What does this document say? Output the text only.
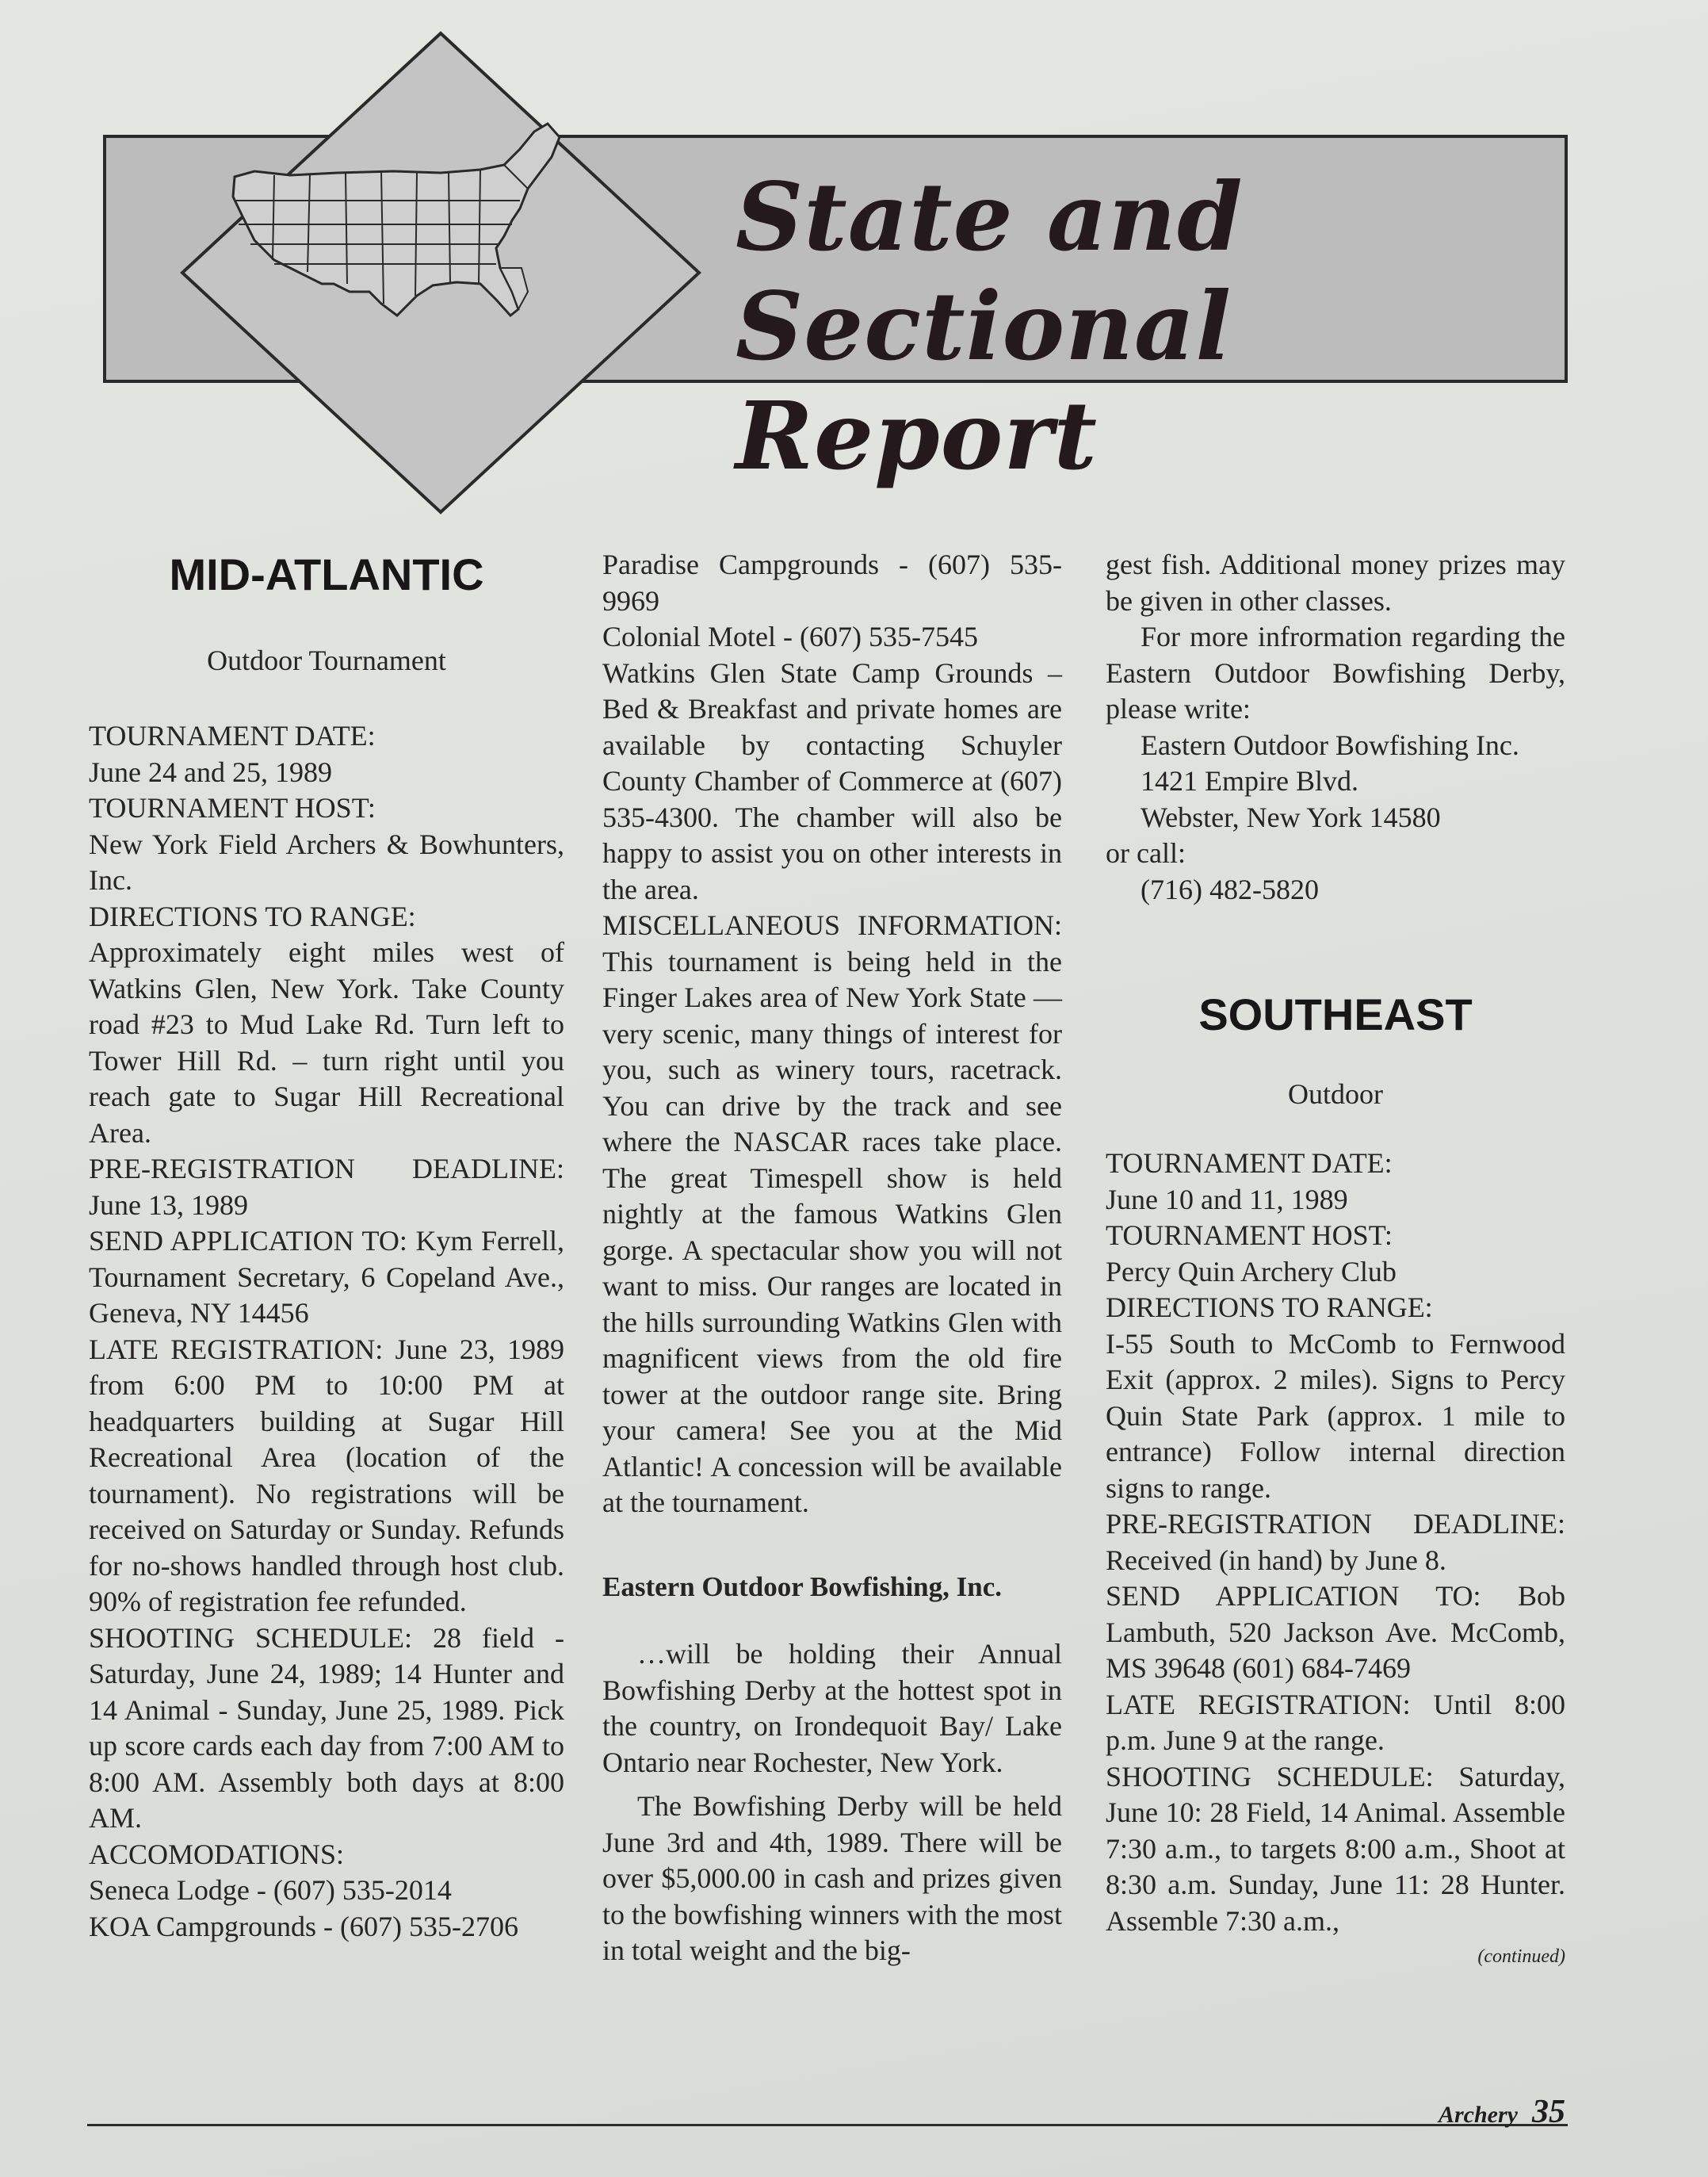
State and
Sectional Report
MID-ATLANTIC

Outdoor Tournament

TOURNAMENT DATE:

June 24 and 25, 1989

TOURNAMENT HOST:

New York Field Archers & Bowhunters, Inc.

DIRECTIONS TO RANGE:

Approximately eight miles west of Watkins Glen, New York. Take County road #23 to Mud Lake Rd. Turn left to Tower Hill Rd. – turn right until you reach gate to Sugar Hill Recreational Area.

PRE-REGISTRATION DEADLINE: June 13, 1989

SEND APPLICATION TO: Kym Ferrell, Tournament Secretary, 6 Copeland Ave., Geneva, NY 14456

LATE REGISTRATION: June 23, 1989 from 6:00 PM to 10:00 PM at headquarters building at Sugar Hill Recreational Area (location of the tournament). No registrations will be received on Saturday or Sunday. Refunds for no-shows handled through host club. 90% of registration fee refunded.

SHOOTING SCHEDULE: 28 field - Saturday, June 24, 1989; 14 Hunter and 14 Animal - Sunday, June 25, 1989. Pick up score cards each day from 7:00 AM to 8:00 AM. Assembly both days at 8:00 AM.

ACCOMODATIONS:

Seneca Lodge - (607) 535-2014

KOA Campgrounds - (607) 535-2706

Paradise Campgrounds - (607) 535-9969

Colonial Motel - (607) 535-7545

Watkins Glen State Camp Grounds – Bed & Breakfast and private homes are available by contacting Schuyler County Chamber of Commerce at (607) 535-4300. The chamber will also be happy to assist you on other interests in the area.

MISCELLANEOUS INFORMATION: This tournament is being held in the Finger Lakes area of New York State — very scenic, many things of interest for you, such as winery tours, racetrack. You can drive by the track and see where the NASCAR races take place. The great Timespell show is held nightly at the famous Watkins Glen gorge. A spectacular show you will not want to miss. Our ranges are located in the hills surrounding Watkins Glen with magnificent views from the old fire tower at the outdoor range site. Bring your camera! See you at the Mid Atlantic! A concession will be available at the tournament.

Eastern Outdoor Bowfishing, Inc.

…will be holding their Annual Bowfishing Derby at the hottest spot in the country, on Irondequoit Bay/ Lake Ontario near Rochester, New York.

The Bowfishing Derby will be held June 3rd and 4th, 1989. There will be over $5,000.00 in cash and prizes given to the bowfishing winners with the most in total weight and the big-

gest fish. Additional money prizes may be given in other classes.

For more infrormation regarding the Eastern Outdoor Bowfishing Derby, please write:

Eastern Outdoor Bowfishing Inc.

1421 Empire Blvd.

Webster, New York 14580

or call:

(716) 482-5820

SOUTHEAST

Outdoor

TOURNAMENT DATE:

June 10 and 11, 1989

TOURNAMENT HOST:

Percy Quin Archery Club

DIRECTIONS TO RANGE:

I-55 South to McComb to Fernwood Exit (approx. 2 miles). Signs to Percy Quin State Park (approx. 1 mile to entrance) Follow internal direction signs to range.

PRE-REGISTRATION DEADLINE: Received (in hand) by June 8.

SEND APPLICATION TO: Bob Lambuth, 520 Jackson Ave. McComb, MS 39648 (601) 684-7469

LATE REGISTRATION: Until 8:00 p.m. June 9 at the range.

SHOOTING SCHEDULE: Saturday, June 10: 28 Field, 14 Animal. Assemble 7:30 a.m., to targets 8:00 a.m., Shoot at 8:30 a.m. Sunday, June 11: 28 Hunter. Assemble 7:30 a.m.,

(continued)

Archery 35
